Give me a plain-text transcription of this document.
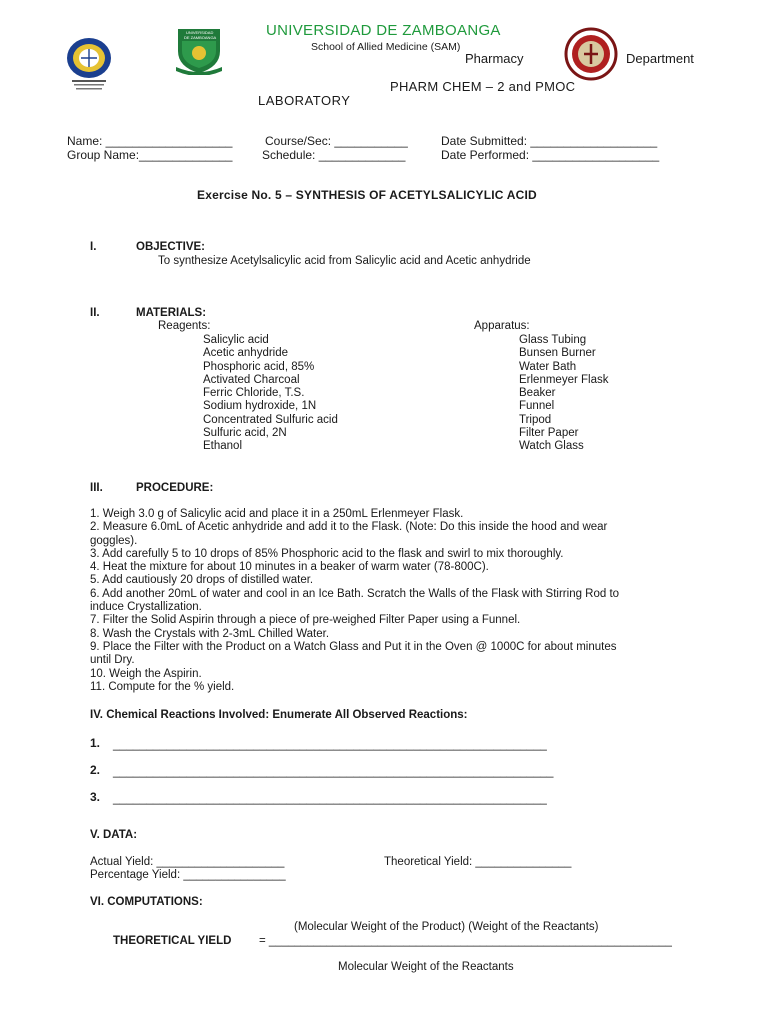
UNIVERSIDAD
DE ZAMBOANGA	UNIVERSIDAD DE ZAMBOANGA
School of Allied Medicine (SAM)
Pharmacy	Department
PHARM CHEM – 2 and PMOC
LABORATORY
Name: ___________________	Course/Sec: ___________	Date Submitted: ___________________
Group Name:______________ Schedule: _____________	Date Performed: ___________________
Exercise No. 5 – SYNTHESIS OF ACETYLSALICYLIC ACID
I.	OBJECTIVE:
To synthesize Acetylsalicylic acid from Salicylic acid and Acetic anhydride
II.	MATERIALS:
Reagents:	Apparatus:
Salicylic acid
Acetic anhydride
Phosphoric acid, 85%
Activated Charcoal
Ferric Chloride, T.S.
Sodium hydroxide, 1N
Concentrated Sulfuric acid
Sulfuric acid, 2N
Ethanol
Glass Tubing
Bunsen Burner
Water Bath
Erlenmeyer Flask
Beaker
Funnel
Tripod
Filter Paper
Watch Glass
III.	PROCEDURE:
1. Weigh 3.0 g of Salicylic acid and place it in a 250mL Erlenmeyer Flask.
2. Measure 6.0mL of Acetic anhydride and add it to the Flask. (Note: Do this inside the hood and wear
goggles).
3. Add carefully 5 to 10 drops of 85% Phosphoric acid to the flask and swirl to mix thoroughly.
4. Heat the mixture for about 10 minutes in a beaker of warm water (78-800C).
5. Add cautiously 20 drops of distilled water.
6. Add another 20mL of water and cool in an Ice Bath. Scratch the Walls of the Flask with Stirring Rod to
induce Crystallization.
7. Filter the Solid Aspirin through a piece of pre-weighed Filter Paper using a Funnel.
8. Wash the Crystals with 2-3mL Chilled Water.
9. Place the Filter with the Product on a Watch Glass and Put it in the Oven @ 1000C for about minutes
until Dry.
10. Weigh the Aspirin.
11. Compute for the % yield.
IV. Chemical Reactions Involved: Enumerate All Observed Reactions:
1. _________________________________________________________________
2. __________________________________________________________________
3. _________________________________________________________________
V. DATA:
Actual Yield: ____________________	Theoretical Yield: _______________
Percentage Yield: ________________
VI. COMPUTATIONS:
(Molecular Weight of the Product) (Weight of the Reactants)
THEORETICAL YIELD = _______________________________________________________________
Molecular Weight of the Reactants
